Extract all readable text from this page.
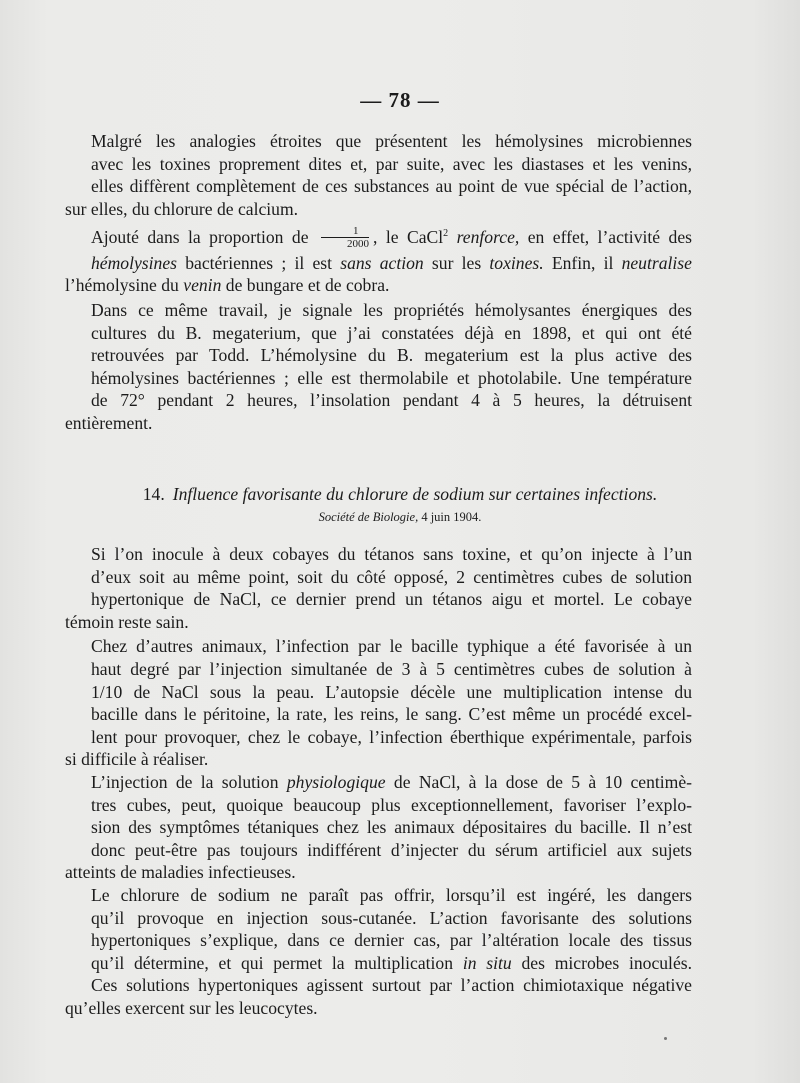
— 78 —

Malgré les analogies étroites que présentent les hémolysines microbiennes
avec les toxines proprement dites et, par suite, avec les diastases et les venins,
elles diffèrent complètement de ces substances au point de vue spécial de l’action,

sur elles, du chlorure de calcium.

Ajouté dans la proportion de $\frac{1}{2000}$ , le CaCl$^2$ renforce, en effet, l’activité des
hémolysines bactériennes ; il est sans action sur les toxines. Enfin, il neutralise

l’hémolysine du venin de bungare et de cobra.

Dans ce même travail, je signale les propriétés hémolysantes énergiques des
cultures du B. megaterium, que j’ai constatées déjà en 1898, et qui ont été
retrouvées par Todd. L’hémolysine du B. megaterium est la plus active des
hémolysines bactériennes ; elle est thermolabile et photolabile. Une température
de 72° pendant 2 heures, l’insolation pendant 4 à 5 heures, la détruisent

entièrement.

14. Influence favorisante du chlorure de sodium sur certaines infections.
Société de Biologie, 4 juin 1904.

Si l’on inocule à deux cobayes du tétanos sans toxine, et qu’on injecte à l’un
d’eux soit au même point, soit du côté opposé, 2 centimètres cubes de solution
hypertonique de NaCl, ce dernier prend un tétanos aigu et mortel. Le cobaye

témoin reste sain.

Chez d’autres animaux, l’infection par le bacille typhique a été favorisée à un
haut degré par l’injection simultanée de 3 à 5 centimètres cubes de solution à
1/10 de NaCl sous la peau. L’autopsie décèle une multiplication intense du
bacille dans le péritoine, la rate, les reins, le sang. C’est même un procédé excel-
lent pour provoquer, chez le cobaye, l’infection éberthique expérimentale, parfois

si difficile à réaliser.

L’injection de la solution physiologique de NaCl, à la dose de 5 à 10 centimè-
tres cubes, peut, quoique beaucoup plus exceptionnellement, favoriser l’explo-
sion des symptômes tétaniques chez les animaux dépositaires du bacille. Il n’est
donc peut-être pas toujours indifférent d’injecter du sérum artificiel aux sujets

atteints de maladies infectieuses.

Le chlorure de sodium ne paraît pas offrir, lorsqu’il est ingéré, les dangers
qu’il provoque en injection sous-cutanée. L’action favorisante des solutions
hypertoniques s’explique, dans ce dernier cas, par l’altération locale des tissus
qu’il détermine, et qui permet la multiplication in situ des microbes inoculés.
Ces solutions hypertoniques agissent surtout par l’action chimiotaxique négative

qu’elles exercent sur les leucocytes.
